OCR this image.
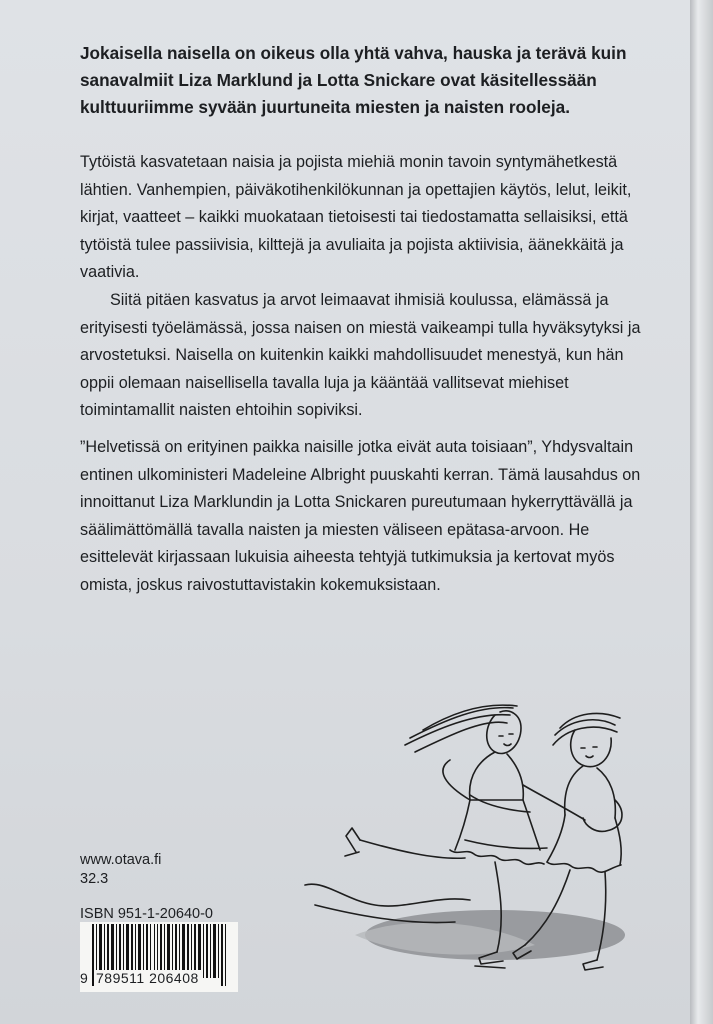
Jokaisella naisella on oikeus olla yhtä vahva, hauska ja terävä kuin sanavalmiit Liza Marklund ja Lotta Snickare ovat käsitellessään kulttuuriimme syvään juurtuneita miesten ja naisten rooleja.

Tytöistä kasvatetaan naisia ja pojista miehiä monin tavoin syntymähetkestä lähtien. Vanhempien, päiväkotihenkilökunnan ja opettajien käytös, lelut, leikit, kirjat, vaatteet – kaikki muokataan tietoisesti tai tiedostamatta sellaisiksi, että tytöistä tulee passiivisia, kilttejä ja avuliaita ja pojista aktiivisia, äänekkäitä ja vaativia.

Siitä pitäen kasvatus ja arvot leimaavat ihmisiä koulussa, elämässä ja erityisesti työelämässä, jossa naisen on miestä vaikeampi tulla hyväksytyksi ja arvostetuksi. Naisella on kuitenkin kaikki mahdollisuudet menestyä, kun hän oppii olemaan naisellisella tavalla luja ja kääntää vallitsevat miehiset toimintamallit naisten ehtoihin sopiviksi.

”Helvetissä on erityinen paikka naisille jotka eivät auta toisiaan”, Yhdysvaltain entinen ulkoministeri Madeleine Albright puuskahti kerran. Tämä lausahdus on innoittanut Liza Marklundin ja Lotta Snickaren pureutumaan hykerryttävällä ja säälimättömällä tavalla naisten ja miesten väliseen epätasa-arvoon. He esittelevät kirjassaan lukuisia aiheesta tehtyjä tutkimuksia ja kertovat myös omista, joskus raivostuttavistakin kokemuksistaan.

www.otava.fi
32.3
ISBN 951-1-20640-0
9 789511 206408
